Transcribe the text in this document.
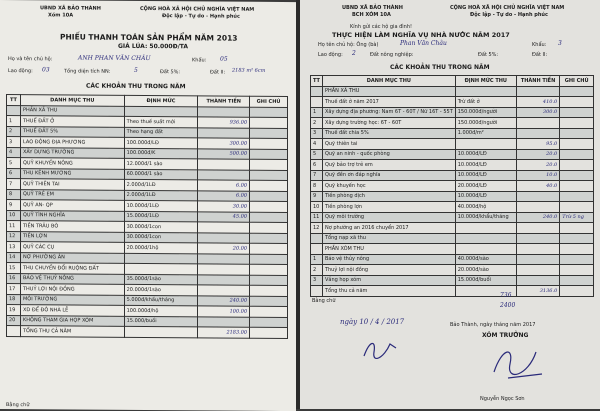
UBND XÃ BẢO THÀNH
Xóm 10A
CỘNG HOÀ XÃ HỘI CHỦ NGHĨA VIỆT NAM
Độc lập - Tự do - Hạnh phúc
PHIẾU THANH TOÁN SẢN PHẨM NĂM 2013
GIÁ LÚA: 50.000Đ/TA
Họ và tên chủ hộ:	ANH PHAN VĂN CHÂU	Khẩu: 05
Lao động: 03	Tổng diện tích NN:	5	Đất 5%:	Đất II: 2183 m² 6cm
CÁC KHOẢN THU TRONG NĂM
TT	DANH MỤC THU	ĐỊNH MỨC	THÀNH TIỀN	GHI CHÚ
	PHẦN XÃ THU			
1	THUẾ ĐẤT Ở	Theo thuế suất mới	936.00	
2	THUẾ ĐẤT 5%	Theo hạng đất		
3	LAO ĐỘNG ĐỊA PHƯƠNG	100.000đ/LĐ	300.00	
4	XÂY DỰNG TRƯỜNG	100.000đ/K	500.00	
5	QUỸ KHUYẾN NÔNG	12.000đ/1 sào		
6	THU KÊNH MƯƠNG	60.000đ/1 sào		
7	QUỸ THIÊN TAI	2.000đ/1LĐ	6.00	
8	QUỸ TRẺ EM	2.000đ/1LĐ	6.00	
9	QUỸ AN- QP	10.000đ/1LĐ	30.00	
10	QUỸ TÌNH NGHĨA	15.000đ/1LĐ	45.00	
11	TIỀN TRÂU BÒ	30.000đ/1con		
12	TIỀN LỢN	30.000đ/1con		
13	QUỸ CÁC CỤ	20.000đ/1hộ	20.00	
14	NỢ PHƯỜNG ÂN			
15	THU CHUYỂN ĐỔI RUỘNG ĐẤT			
16	BẢO VỆ THUỶ NÔNG	35.000đ/1sào		
17	THUỶ LỢI NỘI ĐỒNG	20.000đ/1sào		
18	MÔI TRƯỜNG	5.000đ/khẩu/tháng	240.00	
19	XD ĐỂ ĐÔ NHÀ LỄ	100.000đ/hộ	100.00	
20	KHÔNG THAM GIA HỌP XÓM	15.000/buổi		
	TỔNG THU CẢ NĂM		2183.00	
Bằng chữ
UBND XÃ BẢO THÀNH
BCH XÓM 10A
CỘNG HOÀ XÃ HỘI CHỦ NGHĨA VIỆT NAM
Độc lập - Tự do - Hạnh phúc
Kính gửi các hộ gia đình!
THỰC HIỆN LÀM NGHĨA VỤ NHÀ NƯỚC NĂM 2017
Họ tên chủ hộ: Ông (bà)	Phan Văn Châu	Khẩu: 3
Lao động: 2	Đất nông nghiệp:	Đất 5%:	Đất II:
CÁC KHOẢN THU TRONG NĂM
TT	DANH MỤC THU	ĐỊNH MỨC THU	THÀNH TIỀN	GHI CHÚ
	PHẦN XÃ THU			
	Thuế đất ở năm 2017	Trừ đất ở	410.0	
1	Xây dựng địa phương: Nam 6T - 60T / Nữ 16T - 55T	150.000đ/người	300.0	
2	Xây dựng trường học: 6T - 60T	150.000đ/người		
3	Thuế đất chia 5%	1.000đ/m²		
4	Quỹ thiên tai		95.0	
5	Quỹ an ninh - quốc phòng	10.000đ/LĐ	20.0	
6	Quỹ bảo trợ trẻ em	10.000đ/LĐ	20.0	
7	Quỹ đền ơn đáp nghĩa	10.000đ/LĐ	10.0	
8	Quỹ khuyến học	20.000đ/LĐ	40.0	
9	Tiền phòng dịch	10.000đ/LĐ		
10	Tiền phòng lợn	40.000đ/hộ		
11	Quỹ môi trường	10.000đ/khẩu/tháng	240.0	Trừ 5 ng
12	Nợ phường an 2016 chuyển 2017			
	Tổng nạp xã thu			
	PHẦN XÓM THU			
1	Bảo vệ thủy nông	40.000đ/sào		
2	Thuỷ lợi nội đồng	20.000đ/sào		
3	Vắng họp xóm	15.000đ/buổi		
	Tổng thu cả năm		3136.0	
Bằng chữ
736
2400
ngày 10 / 4 / 2017	Bảo Thành, ngày tháng năm 2017
XÓM TRƯỞNG
Nguyễn Ngọc Sơn
